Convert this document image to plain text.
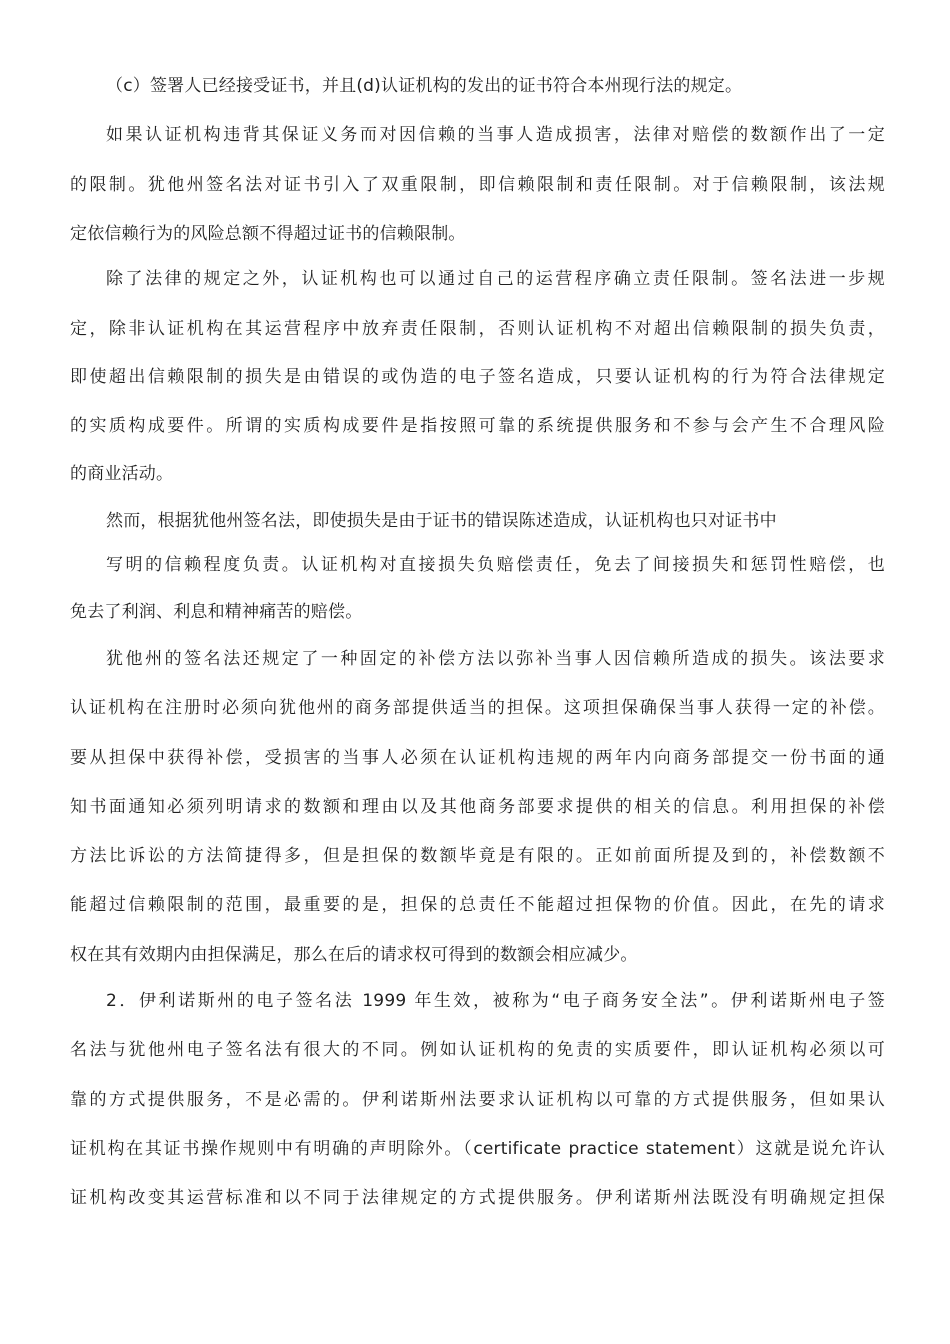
（c）签署人已经接受证书，并且(d)认证机构的发出的证书符合本州现行法的规定。
如果认证机构违背其保证义务而对因信赖的当事人造成损害，法律对赔偿的数额作出了一定
的限制。犹他州签名法对证书引入了双重限制，即信赖限制和责任限制。对于信赖限制，该法规
定依信赖行为的风险总额不得超过证书的信赖限制。
除了法律的规定之外，认证机构也可以通过自己的运营程序确立责任限制。签名法进一步规
定，除非认证机构在其运营程序中放弃责任限制，否则认证机构不对超出信赖限制的损失负责，
即使超出信赖限制的损失是由错误的或伪造的电子签名造成，只要认证机构的行为符合法律规定
的实质构成要件。所谓的实质构成要件是指按照可靠的系统提供服务和不参与会产生不合理风险
的商业活动。
然而，根据犹他州签名法，即使损失是由于证书的错误陈述造成，认证机构也只对证书中
写明的信赖程度负责。认证机构对直接损失负赔偿责任，免去了间接损失和惩罚性赔偿，也
免去了利润、利息和精神痛苦的赔偿。
犹他州的签名法还规定了一种固定的补偿方法以弥补当事人因信赖所造成的损失。该法要求
认证机构在注册时必须向犹他州的商务部提供适当的担保。这项担保确保当事人获得一定的补偿。
要从担保中获得补偿，受损害的当事人必须在认证机构违规的两年内向商务部提交一份书面的通
知书面通知必须列明请求的数额和理由以及其他商务部要求提供的相关的信息。利用担保的补偿
方法比诉讼的方法简捷得多，但是担保的数额毕竟是有限的。正如前面所提及到的，补偿数额不
能超过信赖限制的范围，最重要的是，担保的总责任不能超过担保物的价值。因此，在先的请求
权在其有效期内由担保满足，那么在后的请求权可得到的数额会相应减少。
2．伊利诺斯州的电子签名法 1999 年生效，被称为“电子商务安全法”。伊利诺斯州电子签
名法与犹他州电子签名法有很大的不同。例如认证机构的免责的实质要件，即认证机构必须以可
靠的方式提供服务，不是必需的。伊利诺斯州法要求认证机构以可靠的方式提供服务，但如果认
证机构在其证书操作规则中有明确的声明除外。（certificate practice statement）这就是说允许认
证机构改变其运营标准和以不同于法律规定的方式提供服务。伊利诺斯州法既没有明确规定担保
